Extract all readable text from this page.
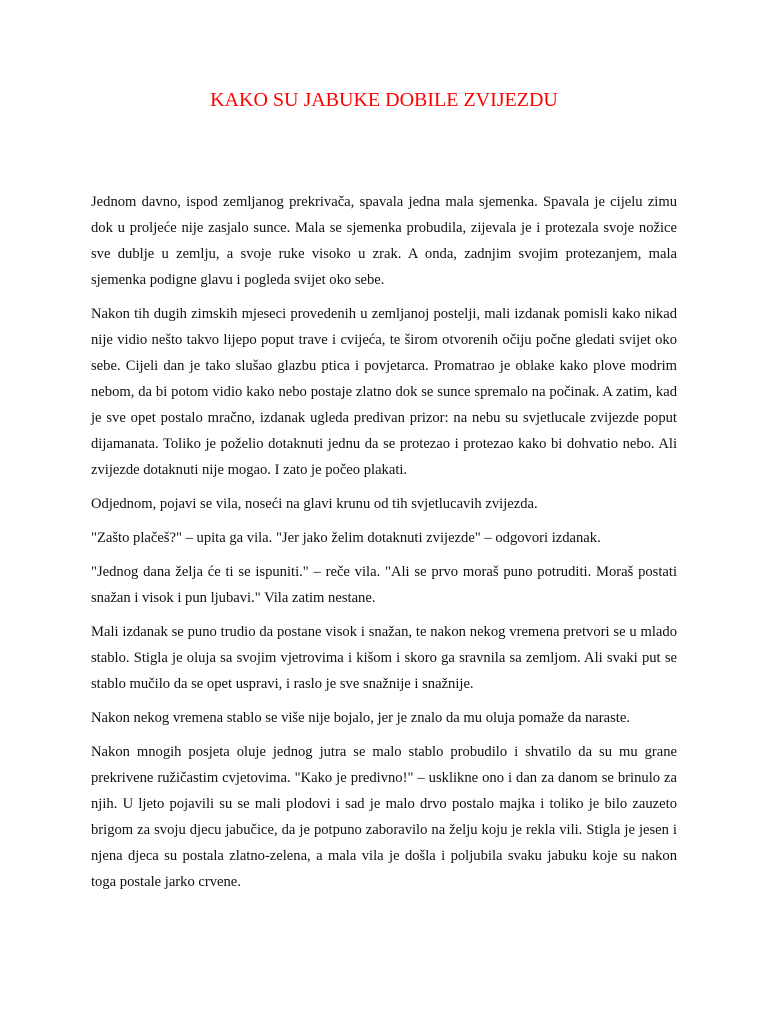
KAKO SU JABUKE DOBILE ZVIJEZDU

Jednom davno, ispod zemljanog prekrivača, spavala jedna mala sjemenka. Spavala je cijelu zimu dok u proljeće nije zasjalo sunce. Mala se sjemenka probudila, zijevala je i protezala svoje nožice sve dublje u zemlju, a svoje ruke visoko u zrak. A onda, zadnjim svojim protezanjem, mala sjemenka podigne glavu i pogleda svijet oko sebe.

Nakon tih dugih zimskih mjeseci provedenih u zemljanoj postelji, mali izdanak pomisli kako nikad nije vidio nešto takvo lijepo poput trave i cvijeća, te širom otvorenih očiju počne gledati svijet oko sebe. Cijeli dan je tako slušao glazbu ptica i povjetarca. Promatrao je oblake kako plove modrim nebom, da bi potom vidio kako nebo postaje zlatno dok se sunce spremalo na počinak. A zatim, kad je sve opet postalo mračno, izdanak ugleda predivan prizor: na nebu su svjetlucale zvijezde poput dijamanata. Toliko je poželio dotaknuti jednu da se protezao i protezao kako bi dohvatio nebo. Ali zvijezde dotaknuti nije mogao. I zato je počeo plakati.

Odjednom, pojavi se vila, noseći na glavi krunu od tih svjetlucavih zvijezda.

"Zašto plačeš?" – upita ga vila. "Jer jako želim dotaknuti zvijezde" – odgovori izdanak.

"Jednog dana želja će ti se ispuniti." – reče vila. "Ali se prvo moraš puno potruditi. Moraš postati snažan i visok i pun ljubavi." Vila zatim nestane.

Mali izdanak se puno trudio da postane visok i snažan, te nakon nekog vremena pretvori se u mlado stablo. Stigla je oluja sa svojim vjetrovima i kišom i skoro ga sravnila sa zemljom. Ali svaki put se stablo mučilo da se opet uspravi, i raslo je sve snažnije i snažnije.

Nakon nekog vremena stablo se više nije bojalo, jer je znalo da mu oluja pomaže da naraste.

Nakon mnogih posjeta oluje jednog jutra se malo stablo probudilo i shvatilo da su mu grane prekrivene ružičastim cvjetovima. "Kako je predivno!" – usklikne ono i dan za danom se brinulo za njih. U ljeto pojavili su se mali plodovi i sad je malo drvo postalo majka i toliko je bilo zauzeto brigom za svoju djecu jabučice, da je potpuno zaboravilo na želju koju je rekla vili. Stigla je jesen i njena djeca su postala zlatno-zelena, a mala vila je došla i poljubila svaku jabuku koje su nakon toga postale jarko crvene.
